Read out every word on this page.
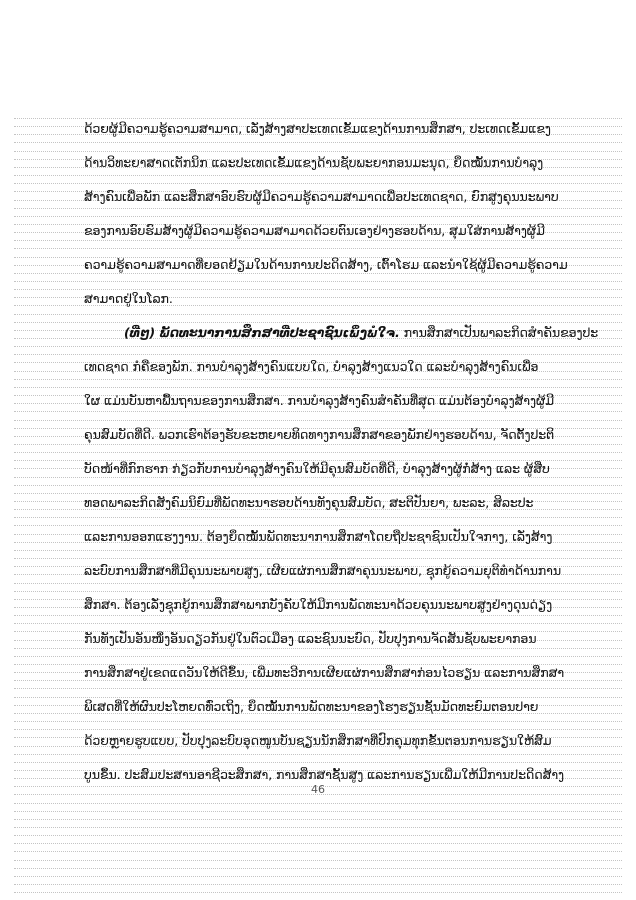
ດ້ວຍຜູ້ມີຄວາມຮູ້ຄວາມສາມາດ, ເລັ່ງສ້າງສາປະເທດເຂັ້ມແຂງດ້ານການສຶກສາ, ປະເທດເຂັ້ມແຂງ
ດ້ານວິທະຍາສາດເຕັກນິກ ແລະປະເທດເຂັ້ມແຂງດ້ານຊັບພະຍາກອນມະນຸດ, ຍຶດໝັ້ນການບຳລຸງ
ສ້າງຄົນເພື່ອພັກ ແລະສຶກສາອົບຮົບຜູ້ມີຄວາມຮູ້ຄວາມສາມາດເພື່ອປະເທດຊາດ, ຍົກສູງຄຸນນະພາບ
ຂອງການອົບຮົມສ້າງຜູ້ມີຄວາມຮູ້ຄວາມສາມາດດ້ວຍຕົນເອງຢ່າງຮອບດ້ານ, ສຸມໃສ່ການສ້າງຜູ້ມີ
ຄວາມຮູ້ຄວາມສາມາດທີ່ຍອດຢ້ຽມໃນດ້ານການປະດິດສ້າງ, ເຕົ້າໂຮມ ແລະນຳໃຊ້ຜູ້ມີຄວາມຮູ້ຄວາມ
ສາມາດຢູ່ໃນໂລກ.
(ທີ່ໆ) ພັດທະນາການສຶກສາທີ່ປະຊາຊົນເພິ່ງພໍໃຈ. ການສຶກສາເປັນພາລະກິດສຳຄັນຂອງປະ
ເທດຊາດ ກໍຄືຂອງພັກ. ການບຳລຸງສ້າງຄົນແບບໃດ, ບຳລຸງສ້າງແນວໃດ ແລະບຳລຸງສ້າງຄົນເພື່ອ
ໃຜ ແມ່ນບັນຫາພື້ນຖານຂອງການສຶກສາ. ການບຳລຸງສ້າງຄົນສຳຄັນທີ່ສຸດ ແມ່ນຕ້ອງບຳລຸງສ້າງຜູ້ມີ
ຄຸນສົມບັດທີ່ດີ. ພວກເຮົາຕ້ອງຮັບຂະຫຍາຍທິດທາງການສຶກສາຂອງພັກຢ່າງຮອບດ້ານ, ຈັດຕັ້ງປະຕິ
ບັດໜ້າທີ່ກົກຮາກ ກ່ຽວກັບການບຳລຸງສ້າງຄົນໃຫ້ມີຄຸນສົມບັດທີ່ດີ, ບຳລຸງສ້າງຜູ້ກໍ່ສ້າງ ແລະ ຜູ້ສືບ
ທອດພາລະກິດສັງຄົມນິຍົມທີ່ພັດທະນາຮອບດ້ານທັງຄຸນສົມບັດ, ສະຕິປັນຍາ, ພະລະ, ສິລະປະ
ແລະການອອກແຮງງານ. ຕ້ອງຍຶດໝັ້ນພັດທະນາການສຶກສາໂດຍຖືປະຊາຊົນເປັນໃຈກາງ, ເລັ່ງສ້າງ
ລະບົບການສຶກສາທີ່ມີຄຸນນະພາບສູງ, ເຜີຍແຜ່ການສຶກສາຄຸນນະພາບ, ຊຸກຍູ້ຄວາມຍຸຕິທຳດ້ານການ
ສຶກສາ. ຕ້ອງເລັ່ງຊຸກຍູ້ການສຶກສາພາກບັງຄັບໃຫ້ມີການພັດທະນາດ້ວຍຄຸນນະພາບສູງຢ່າງດຸນດ່ຽງ
ກັນທັງເປັນອັນໜຶ່ງອັນດຽວກັນຢູ່ໃນຕົວເມືອງ ແລະຊົນນະບົດ, ປັບປຸງການຈັດສັນຊັບພະຍາກອນ
ການສຶກສາຢູ່ເຂດແດວັນໃຫ້ດີຂຶ້ນ, ເພີ່ມທະວີການເຜີຍແຜ່ການສຶກສາກ່ອນໄວຮຽນ ແລະການສຶກສາ
ພິເສດທີ່ໃຫ້ຜົນປະໂຫຍດທົ່ວເຖິງ, ຍຶດໝັ້ນການພັດທະນາຂອງໂຮງຮຽນຊັ້ນມັດທະຍົມຕອນປາຍ
ດ້ວຍຫຼາຍຮູບແບບ, ປັບປຸງລະບົບອຸດໜູນບັນຊຽນນັກສຶກສາທີ່ປົກຄຸມທຸກຂັ້ນຕອນການຮຽນໃຫ້ສົມ
ບູນຂຶ້ນ. ປະສົມປະສານອາຊີວະສຶກສາ, ການສຶກສາຊັ້ນສູງ ແລະການຮຽນເພີ່ມໃຫ້ມີການປະດິດສ້າງ
46
